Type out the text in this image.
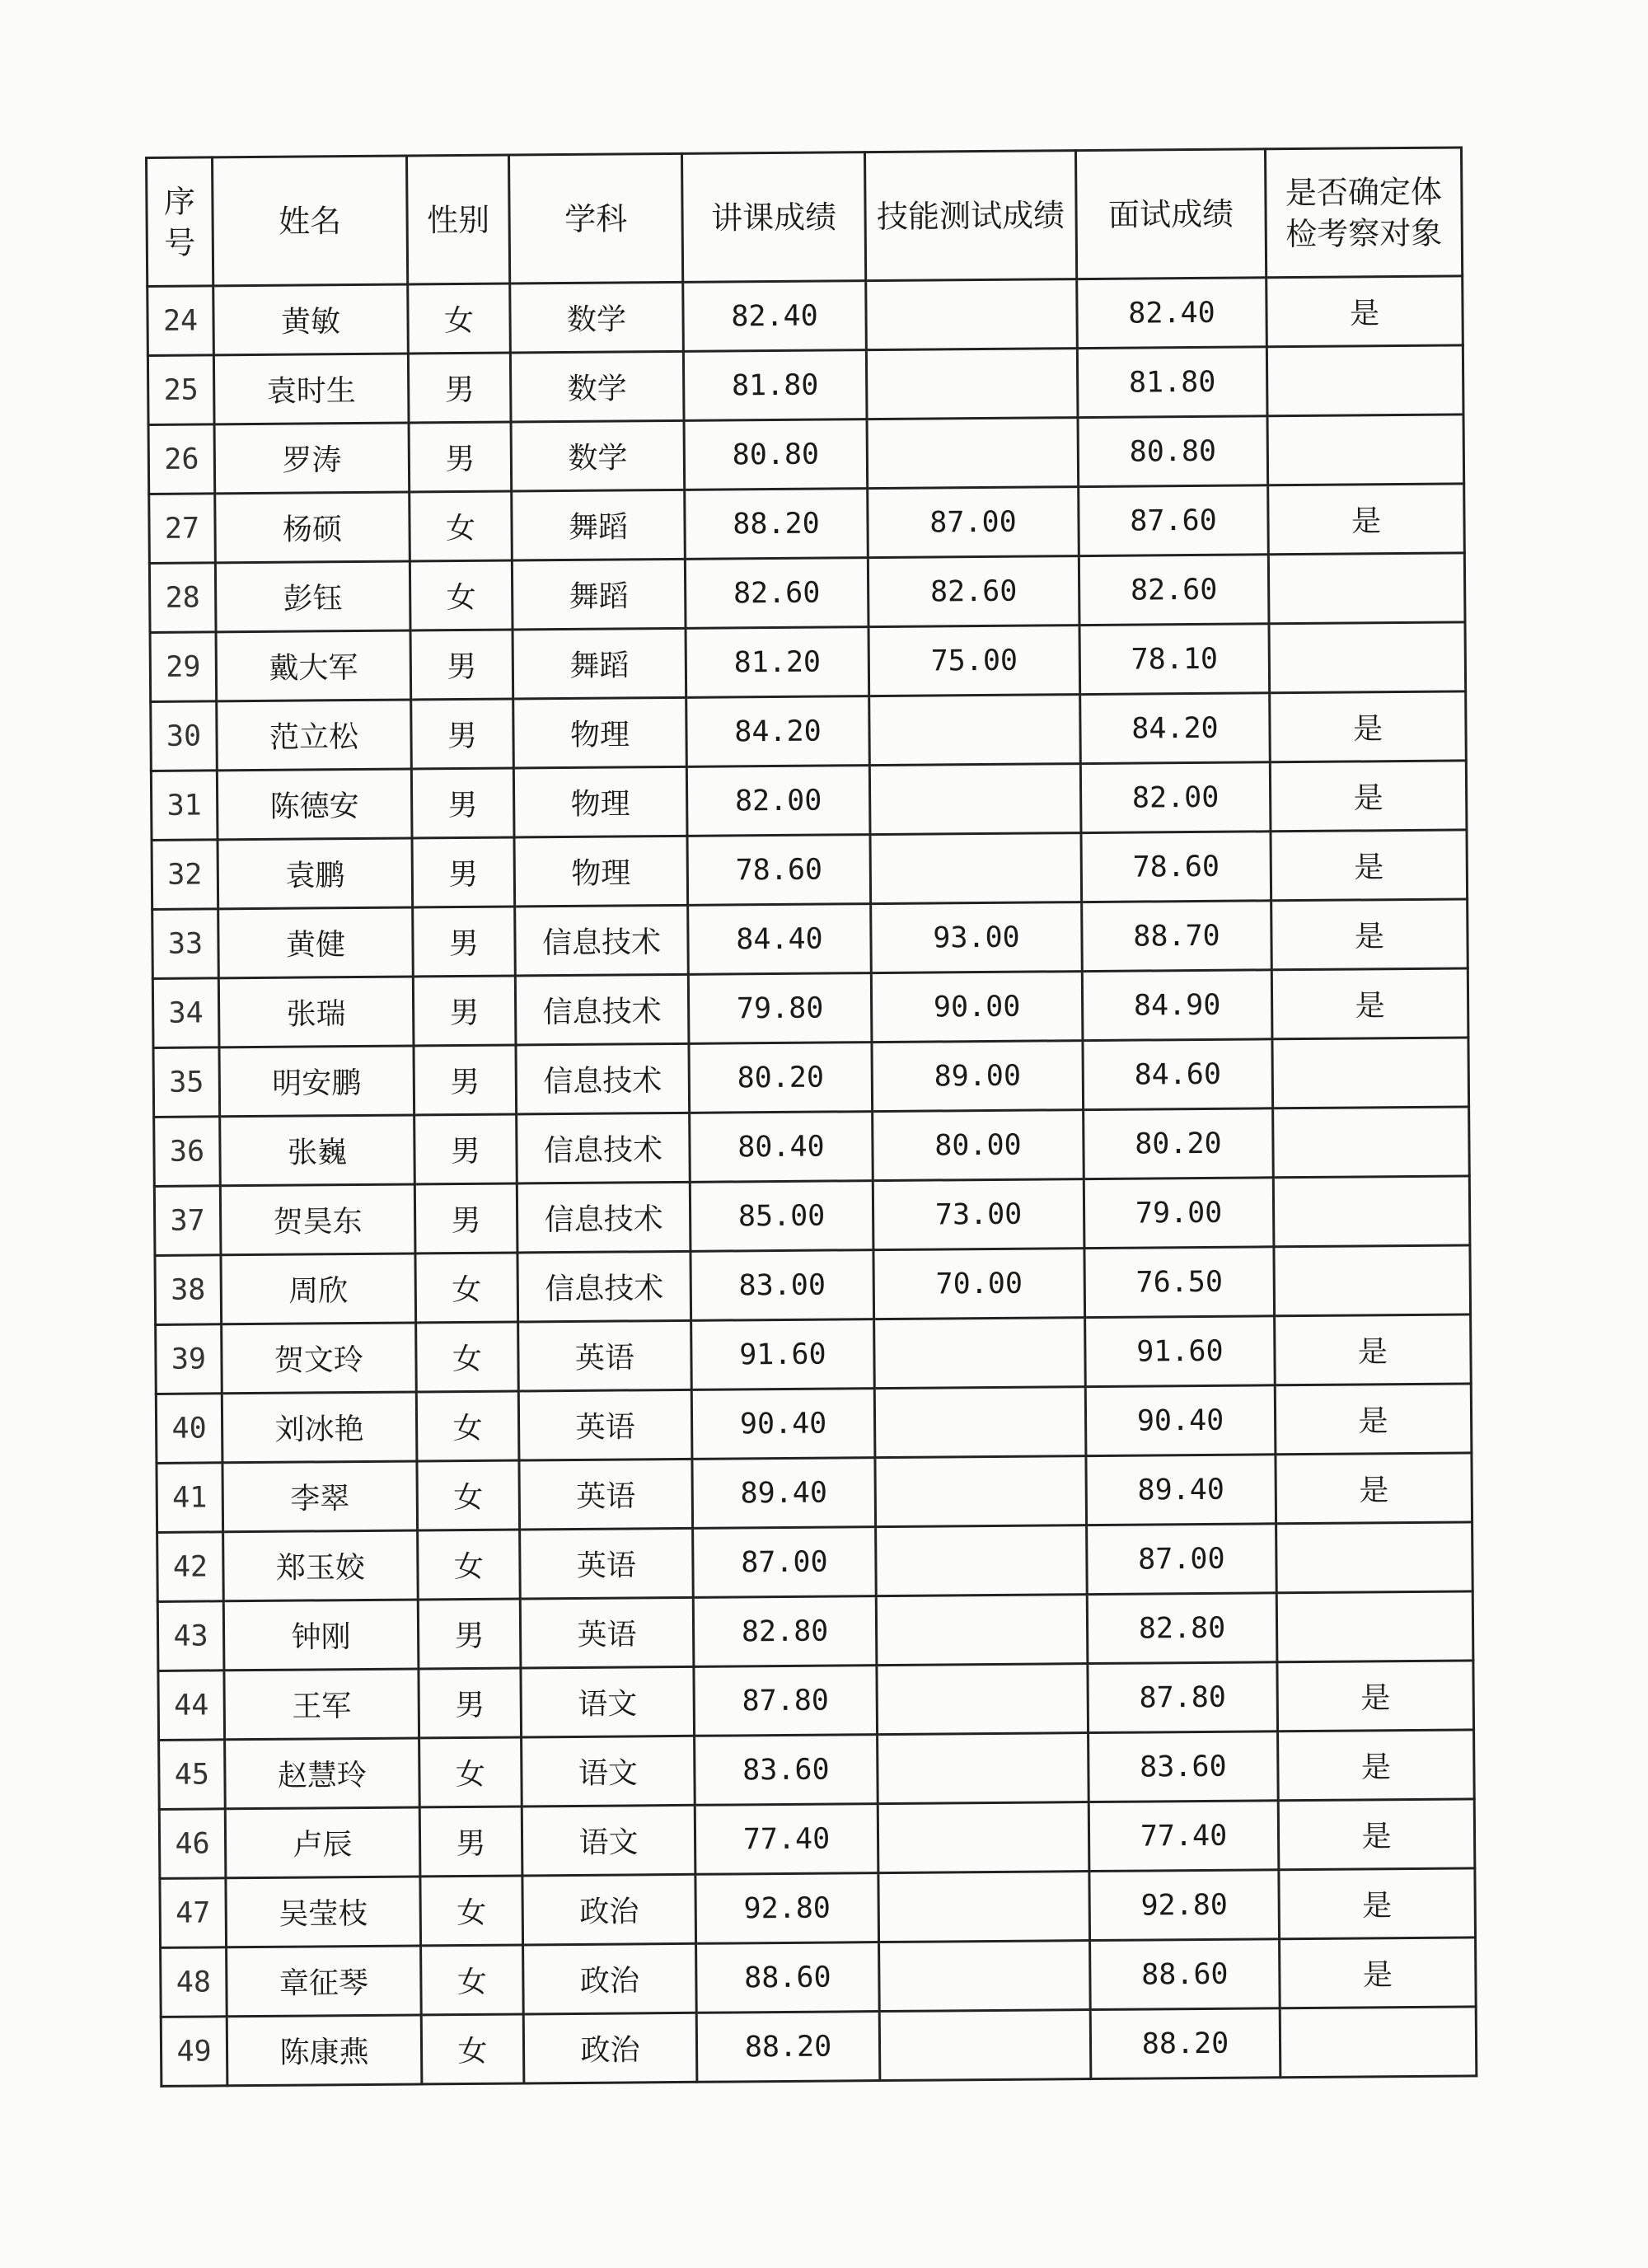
序
号	姓名	性别	学科	讲课成绩	技能测试成绩	面试成绩	是否确定体
检考察对象
24	黄敏	女	数学	82.40		82.40	是
25	袁时生	男	数学	81.80		81.80	
26	罗涛	男	数学	80.80		80.80	
27	杨硕	女	舞蹈	88.20	87.00	87.60	是
28	彭钰	女	舞蹈	82.60	82.60	82.60	
29	戴大军	男	舞蹈	81.20	75.00	78.10	
30	范立松	男	物理	84.20		84.20	是
31	陈德安	男	物理	82.00		82.00	是
32	袁鹏	男	物理	78.60		78.60	是
33	黄健	男	信息技术	84.40	93.00	88.70	是
34	张瑞	男	信息技术	79.80	90.00	84.90	是
35	明安鹏	男	信息技术	80.20	89.00	84.60	
36	张巍	男	信息技术	80.40	80.00	80.20	
37	贺昊东	男	信息技术	85.00	73.00	79.00	
38	周欣	女	信息技术	83.00	70.00	76.50	
39	贺文玲	女	英语	91.60		91.60	是
40	刘冰艳	女	英语	90.40		90.40	是
41	李翠	女	英语	89.40		89.40	是
42	郑玉姣	女	英语	87.00		87.00	
43	钟刚	男	英语	82.80		82.80	
44	王军	男	语文	87.80		87.80	是
45	赵慧玲	女	语文	83.60		83.60	是
46	卢辰	男	语文	77.40		77.40	是
47	吴莹枝	女	政治	92.80		92.80	是
48	章征琴	女	政治	88.60		88.60	是
49	陈康燕	女	政治	88.20		88.20	
